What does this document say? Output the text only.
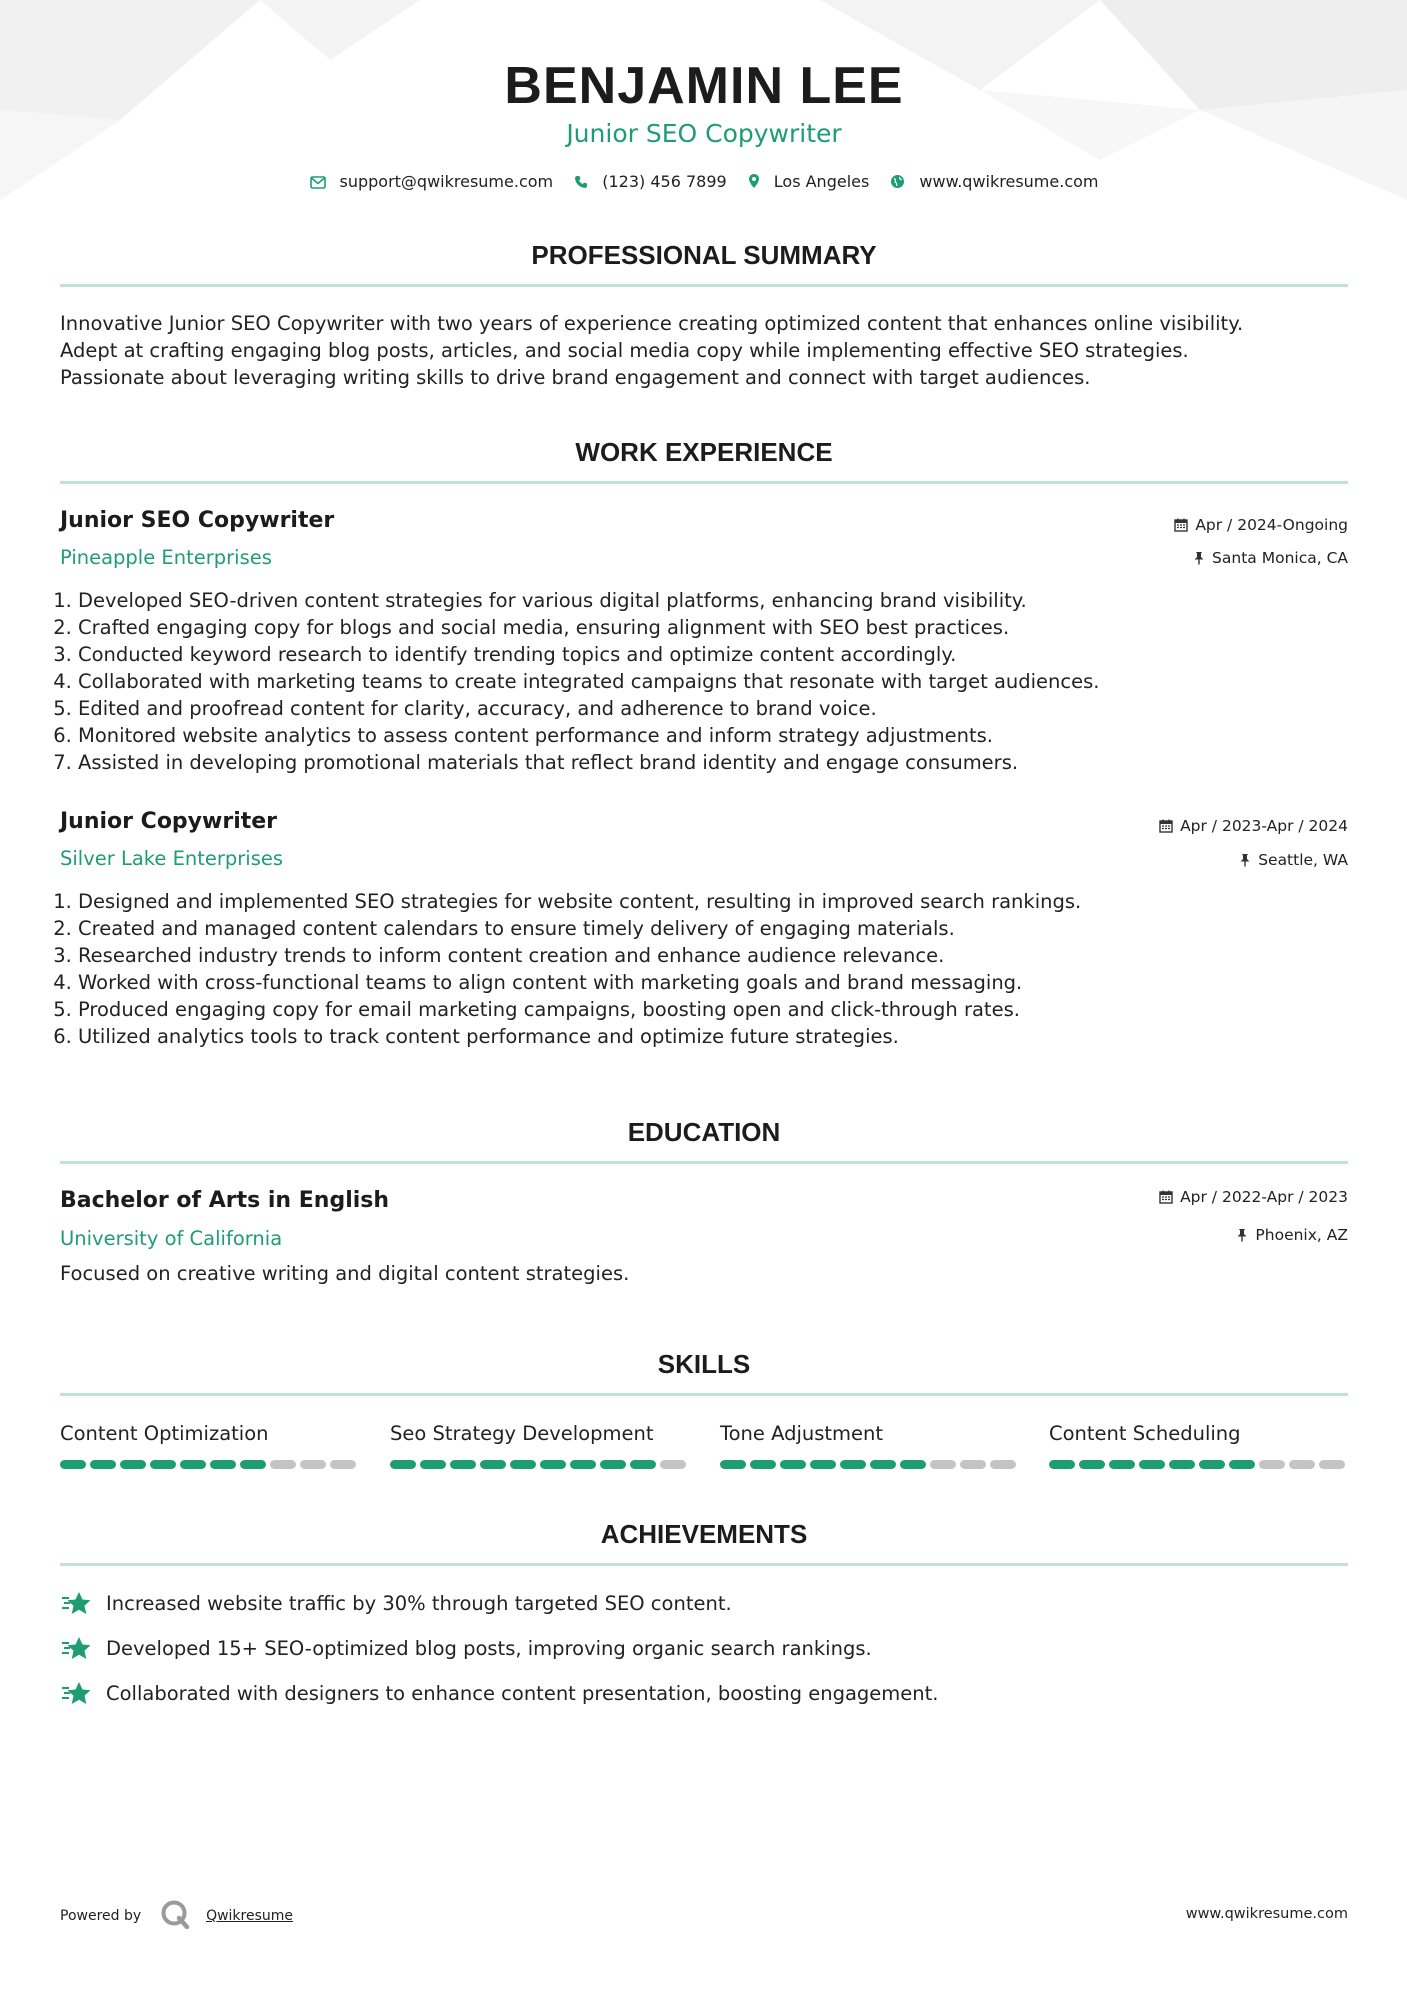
BENJAMIN LEE
Junior SEO Copywriter
support@qwikresume.com	(123) 456 7899	Los Angeles	www.qwikresume.com
PROFESSIONAL SUMMARY
Innovative Junior SEO Copywriter with two years of experience creating optimized content that enhances online visibility.
Adept at crafting engaging blog posts, articles, and social media copy while implementing effective SEO strategies.
Passionate about leveraging writing skills to drive brand engagement and connect with target audiences.
WORK EXPERIENCE
Junior SEO Copywriter
Pineapple Enterprises
Apr / 2024-Ongoing
Santa Monica, CA
1. Developed SEO-driven content strategies for various digital platforms, enhancing brand visibility.
2. Crafted engaging copy for blogs and social media, ensuring alignment with SEO best practices.
3. Conducted keyword research to identify trending topics and optimize content accordingly.
4. Collaborated with marketing teams to create integrated campaigns that resonate with target audiences.
5. Edited and proofread content for clarity, accuracy, and adherence to brand voice.
6. Monitored website analytics to assess content performance and inform strategy adjustments.
7. Assisted in developing promotional materials that reflect brand identity and engage consumers.
Junior Copywriter
Silver Lake Enterprises
Apr / 2023-Apr / 2024
Seattle, WA
1. Designed and implemented SEO strategies for website content, resulting in improved search rankings.
2. Created and managed content calendars to ensure timely delivery of engaging materials.
3. Researched industry trends to inform content creation and enhance audience relevance.
4. Worked with cross-functional teams to align content with marketing goals and brand messaging.
5. Produced engaging copy for email marketing campaigns, boosting open and click-through rates.
6. Utilized analytics tools to track content performance and optimize future strategies.
EDUCATION
Bachelor of Arts in English
University of California
Apr / 2022-Apr / 2023
Phoenix, AZ
Focused on creative writing and digital content strategies.
SKILLS
Content Optimization	Seo Strategy Development	Tone Adjustment	Content Scheduling
ACHIEVEMENTS
Increased website traffic by 30% through targeted SEO content.
Developed 15+ SEO-optimized blog posts, improving organic search rankings.
Collaborated with designers to enhance content presentation, boosting engagement.
Powered by	Qwikresume	www.qwikresume.com
